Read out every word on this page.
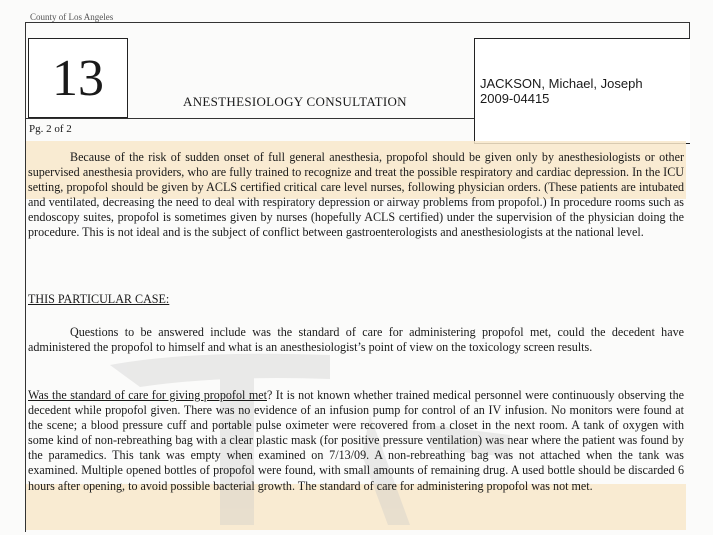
County of Los Angeles
13	ANESTHESIOLOGY CONSULTATION
JACKSON, Michael, Joseph
2009-04415
Pg. 2 of 2

Because of the risk of sudden onset of full general anesthesia, propofol should be given only by anesthesiologists or other supervised anesthesia providers, who are fully trained to recognize and treat the possible respiratory and cardiac depression. In the ICU setting, propofol should be given by ACLS certified critical care level nurses, following physician orders. (These patients are intubated and ventilated, decreasing the need to deal with respiratory depression or airway problems from propofol.) In procedure rooms such as endoscopy suites, propofol is sometimes given by nurses (hopefully ACLS certified) under the supervision of the physician doing the procedure. This is not ideal and is the subject of conflict between gastroenterologists and anesthesiologists at the national level.

THIS PARTICULAR CASE:

Questions to be answered include was the standard of care for administering propofol met, could the decedent have administered the propofol to himself and what is an anesthesiologist’s point of view on the toxicology screen results.

Was the standard of care for giving propofol met? It is not known whether trained medical personnel were continuously observing the decedent while propofol given. There was no evidence of an infusion pump for control of an IV infusion. No monitors were found at the scene; a blood pressure cuff and portable pulse oximeter were recovered from a closet in the next room. A tank of oxygen with some kind of non-rebreathing bag with a clear plastic mask (for positive pressure ventilation) was near where the patient was found by the paramedics. This tank was empty when examined on 7/13/09. A non-rebreathing bag was not attached when the tank was examined. Multiple opened bottles of propofol were found, with small amounts of remaining drug. A used bottle should be discarded 6 hours after opening, to avoid possible bacterial growth. The standard of care for administering propofol was not met.
